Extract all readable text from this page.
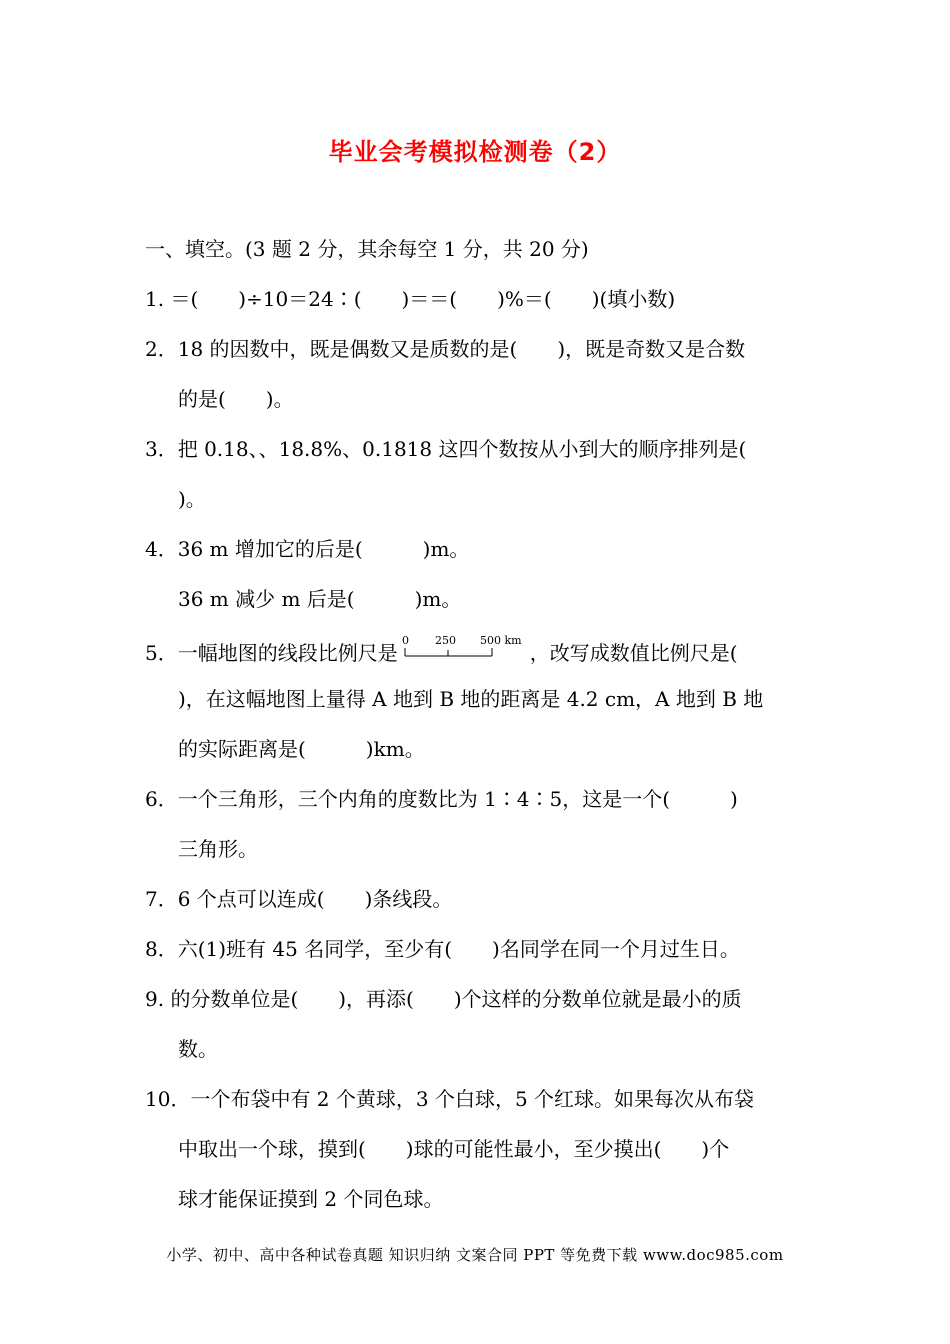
毕业会考模拟检测卷（2）
一、填空。(3 题 2 分，其余每空 1 分，共 20 分)
1. ＝(　　)÷10＝24∶(　　)＝＝(　　)%＝(　　)(填小数)
2．18 的因数中，既是偶数又是质数的是(　　)，既是奇数又是合数
的是(　　)。
3．把 0.18、、18.8%、0.1818 这四个数按从小到大的顺序排列是(
)。
4．36 m 增加它的后是(　　　)m。
36 m 减少 m 后是(　　　)m。
5．一幅地图的线段比例尺是
0 250 500 km
，改写成数值比例尺是(
)，在这幅地图上量得 A 地到 B 地的距离是 4.2 cm，A 地到 B 地
的实际距离是(　　　)km。
6．一个三角形，三个内角的度数比为 1∶4∶5，这是一个(　　　)
三角形。
7．6 个点可以连成(　　)条线段。
8．六(1)班有 45 名同学，至少有(　　)名同学在同一个月过生日。
9. 的分数单位是(　　)，再添(　　)个这样的分数单位就是最小的质
数。
10．一个布袋中有 2 个黄球，3 个白球，5 个红球。如果每次从布袋
中取出一个球，摸到(　　)球的可能性最小，至少摸出(　　)个
球才能保证摸到 2 个同色球。
小学、初中、高中各种试卷真题 知识归纳 文案合同 PPT 等免费下载 www.doc985.com
